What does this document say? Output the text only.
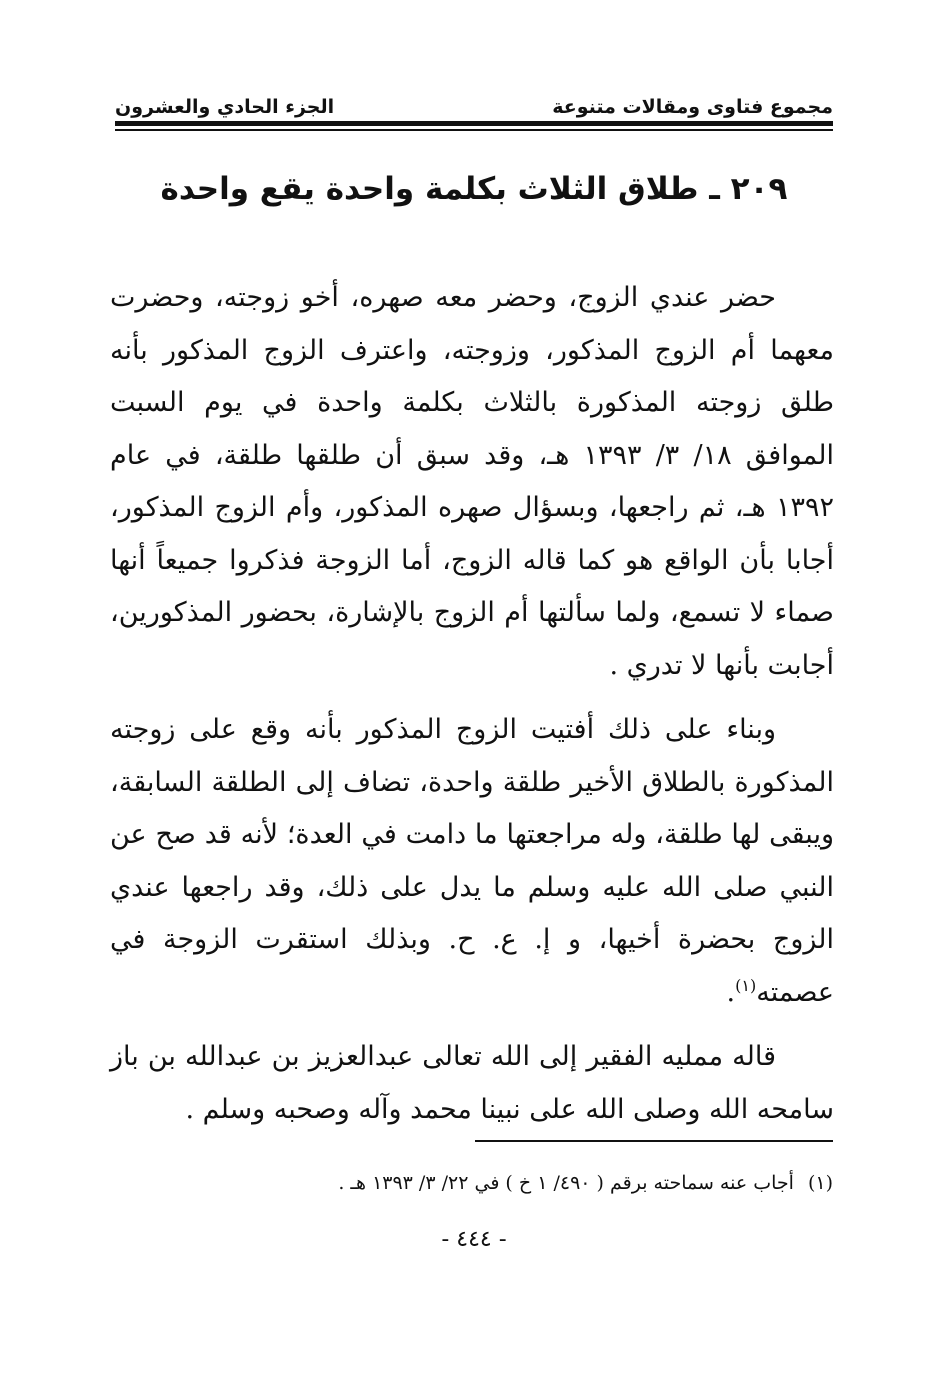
مجموع فتاوى ومقالات متنوعة
الجزء الحادي والعشرون
٢٠٩ ـ طلاق الثلاث بكلمة واحدة يقع واحدة

حضر عندي الزوج، وحضر معه صهره، أخو زوجته، وحضرت معهما أم الزوج المذكور، وزوجته، واعترف الزوج المذكور بأنه طلق زوجته المذكورة بالثلاث بكلمة واحدة في يوم السبت الموافق ١٨/ ٣/ ١٣٩٣ هـ، وقد سبق أن طلقها طلقة، في عام ١٣٩٢ هـ، ثم راجعها، وبسؤال صهره المذكور، وأم الزوج المذكور، أجابا بأن الواقع هو كما قاله الزوج، أما الزوجة فذكروا جميعاً أنها صماء لا تسمع، ولما سألتها أم الزوج بالإشارة، بحضور المذكورين، أجابت بأنها لا تدري .

وبناء على ذلك أفتيت الزوج المذكور بأنه وقع على زوجته المذكورة بالطلاق الأخير طلقة واحدة، تضاف إلى الطلقة السابقة، ويبقى لها طلقة، وله مراجعتها ما دامت في العدة؛ لأنه قد صح عن النبي صلى الله عليه وسلم ما يدل على ذلك، وقد راجعها عندي الزوج بحضرة أخيها، و إ. ع. ح. وبذلك استقرت الزوجة في عصمته$^{(١)}$.

قاله ممليه الفقير إلى الله تعالى عبدالعزيز بن عبدالله بن باز سامحه الله وصلى الله على نبينا محمد وآله وصحبه وسلم .

(١)أجاب عنه سماحته برقم ( ٤٩٠/ ١ خ ) في ٢٢/ ٣/ ١٣٩٣ هـ .
- ٤٤٤ -
